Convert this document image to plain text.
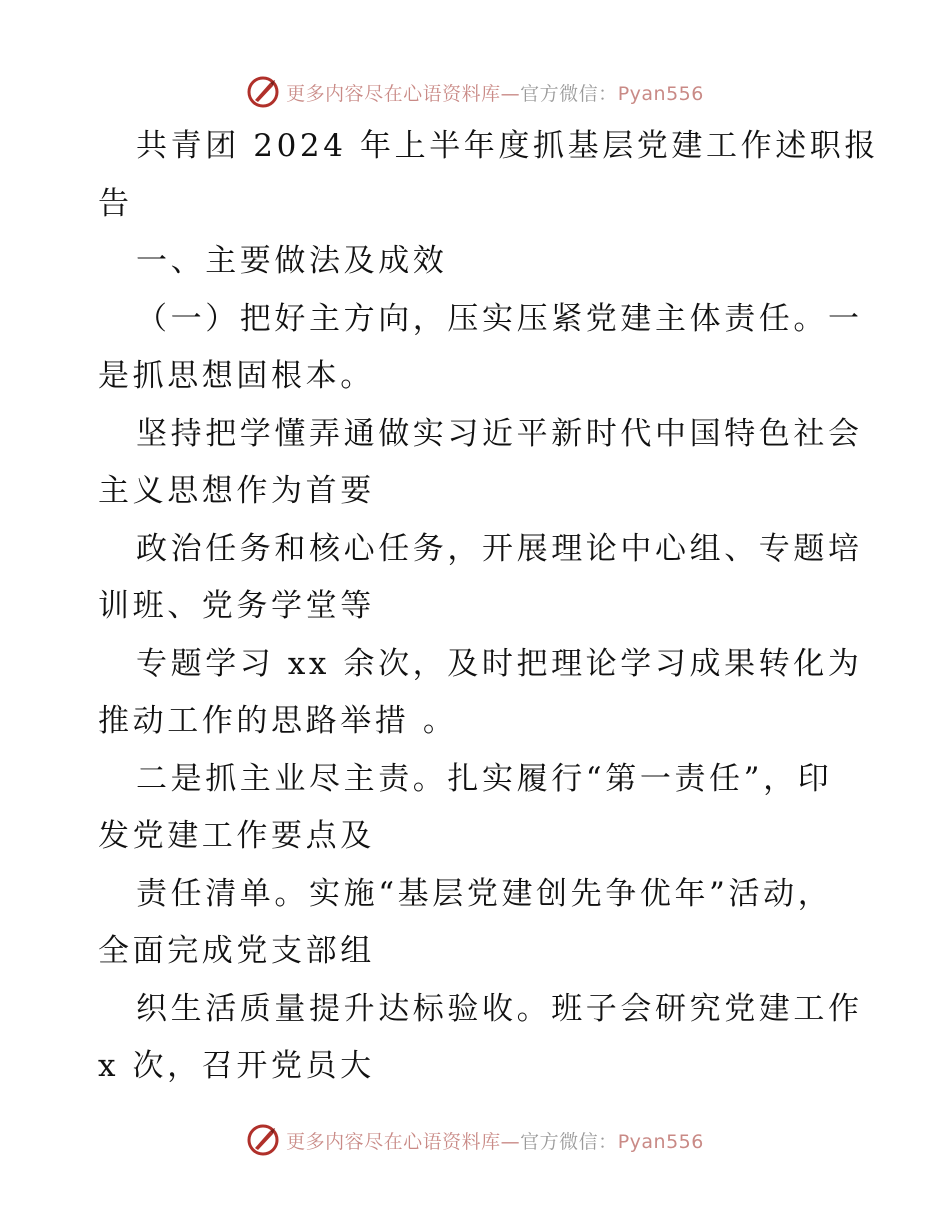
更多内容尽在心语资料库—官方微信：Pyan556
共青团 2024 年上半年度抓基层党建工作述职报
告
一、主要做法及成效
（一）把好主方向，压实压紧党建主体责任。一
是抓思想固根本。
坚持把学懂弄通做实习近平新时代中国特色社会
主义思想作为首要
政治任务和核心任务，开展理论中心组、专题培
训班、党务学堂等
专题学习 xx 余次，及时把理论学习成果转化为
推动工作的思路举措 。
二是抓主业尽主责。扎实履行“第一责任”，印
发党建工作要点及
责任清单。实施“基层党建创先争优年”活动，
全面完成党支部组
织生活质量提升达标验收。班子会研究党建工作
x 次，召开党员大
更多内容尽在心语资料库—官方微信：Pyan556
